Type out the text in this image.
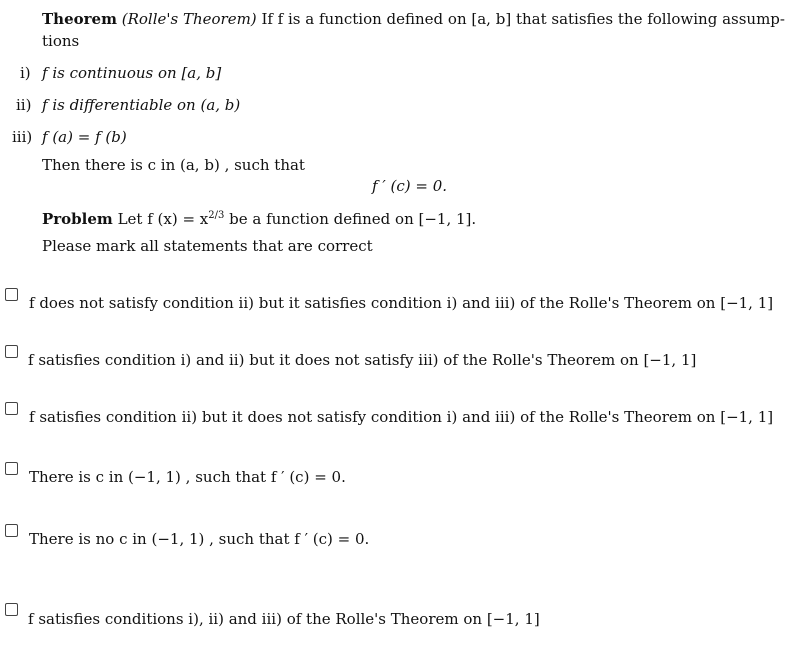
Theorem (Rolle's Theorem) If f is a function defined on [a, b] that satisfies the following assump-
tions
i) f is continuous on [a, b]
ii) f is differentiable on (a, b)
iii) f (a) = f (b)
Then there is c in (a, b) , such that
f ′ (c) = 0.
Problem Let f $(x) = x^{2/3}$ be a function defined on [−1, 1].
Please mark all statements that are correct
f does not satisfy condition ii) but it satisfies condition i) and iii) of the Rolle's Theorem on [−1, 1]
f satisfies condition i) and ii) but it does not satisfy iii) of the Rolle's Theorem on [−1, 1]
f satisfies condition ii) but it does not satisfy condition i) and iii) of the Rolle's Theorem on [−1, 1]
There is c in (−1, 1) , such that f ′ (c) = 0.
There is no c in (−1, 1) , such that f ′ (c) = 0.
f satisfies conditions i), ii) and iii) of the Rolle's Theorem on [−1, 1]
